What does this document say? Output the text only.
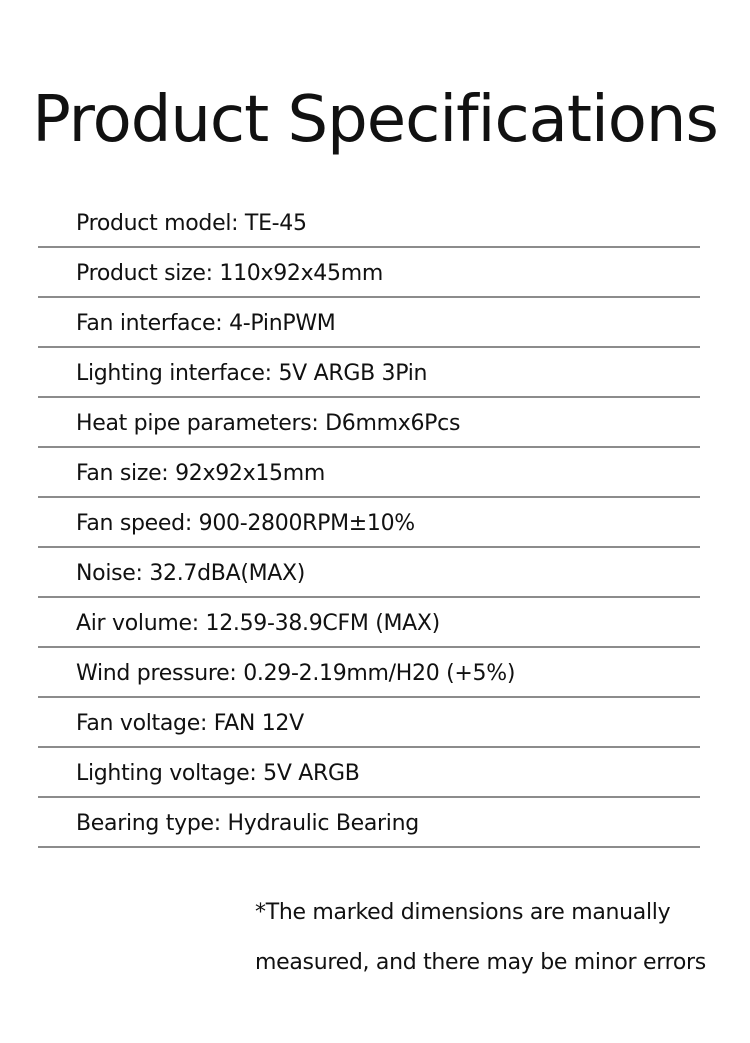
Product Specifications
Product model: TE-45
Product size: 110x92x45mm
Fan interface: 4-PinPWM
Lighting interface: 5V ARGB 3Pin
Heat pipe parameters: D6mmx6Pcs
Fan size: 92x92x15mm
Fan speed: 900-2800RPM±10%
Noise: 32.7dBA(MAX)
Air volume: 12.59-38.9CFM (MAX)
Wind pressure: 0.29-2.19mm/H20 (+5%)
Fan voltage: FAN 12V
Lighting voltage: 5V ARGB
Bearing type: Hydraulic Bearing
*The marked dimensions are manually
measured, and there may be minor errors
